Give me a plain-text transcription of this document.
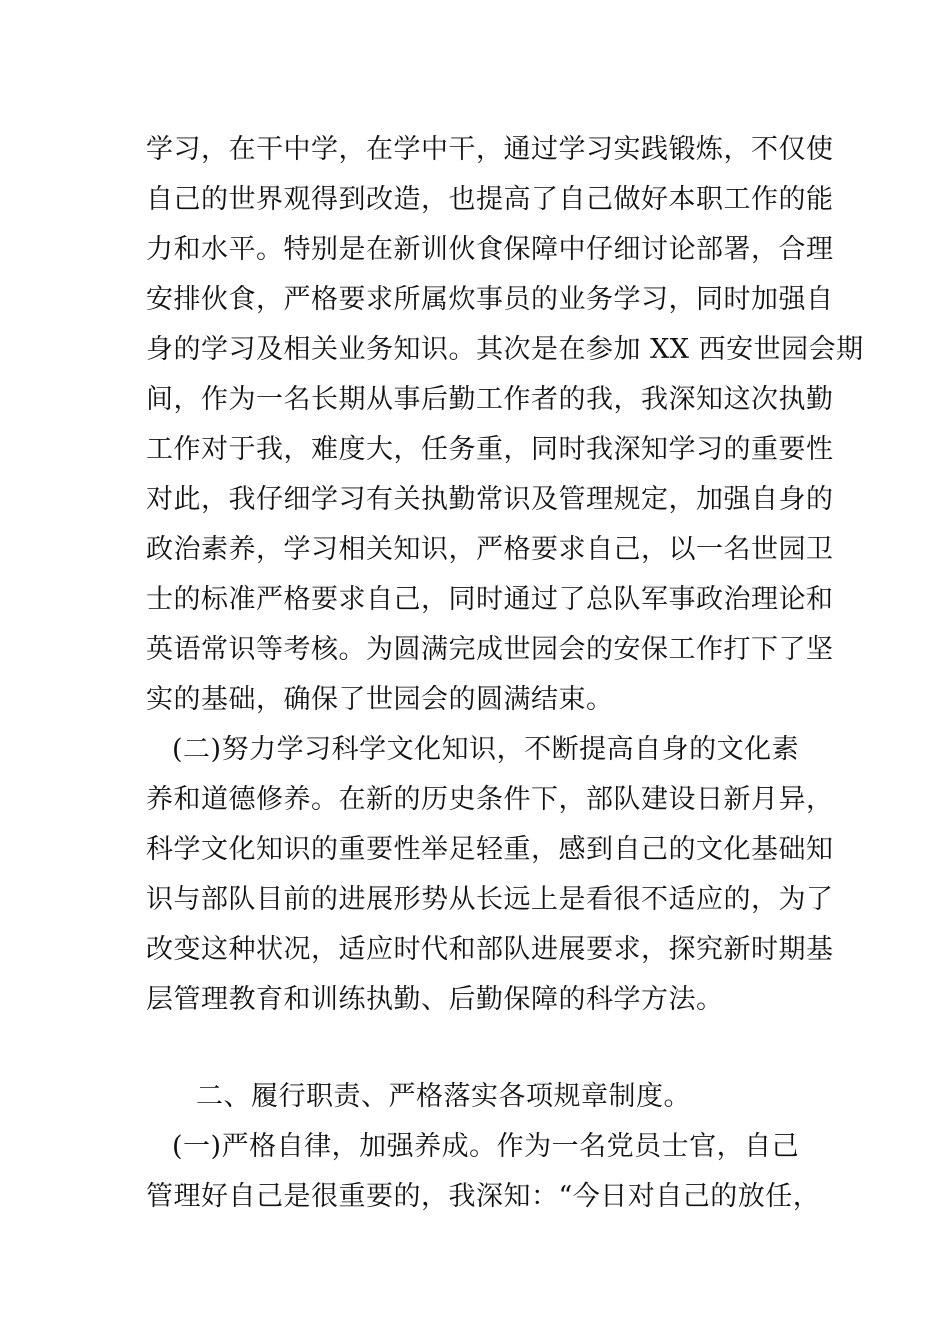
学习，在干中学，在学中干，通过学习实践锻炼，不仅使
自己的世界观得到改造，也提高了自己做好本职工作的能
力和水平。特别是在新训伙食保障中仔细讨论部署，合理
安排伙食，严格要求所属炊事员的业务学习，同时加强自
身的学习及相关业务知识。其次是在参加 XX 西安世园会期
间，作为一名长期从事后勤工作者的我，我深知这次执勤
工作对于我，难度大，任务重，同时我深知学习的重要性
对此，我仔细学习有关执勤常识及管理规定，加强自身的
政治素养，学习相关知识，严格要求自己，以一名世园卫
士的标准严格要求自己，同时通过了总队军事政治理论和
英语常识等考核。为圆满完成世园会的安保工作打下了坚
实的基础，确保了世园会的圆满结束。
(二)努力学习科学文化知识，不断提高自身的文化素
养和道德修养。在新的历史条件下，部队建设日新月异，
科学文化知识的重要性举足轻重，感到自己的文化基础知
识与部队目前的进展形势从长远上是看很不适应的，为了
改变这种状况，适应时代和部队进展要求，探究新时期基
层管理教育和训练执勤、后勤保障的科学方法。
二、履行职责、严格落实各项规章制度。
(一)严格自律，加强养成。作为一名党员士官，自己
管理好自己是很重要的，我深知：“今日对自己的放任，
